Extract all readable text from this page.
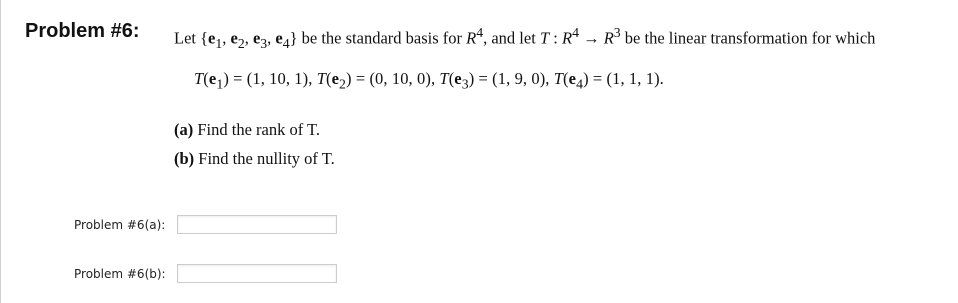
Problem #6: Let {$e_1$, $e_2$, $e_3$, $e_4$} be the standard basis for $R^4$, and let T : $R^4 \to R^3$ be the linear transformation for which
$T(e_1) = (1$, 10, 1), $T(e_2) = (0$, 10, 0), $T(e_3) = (1$, 9, 0), $T(e_4) = (1$, 1, 1).
(a) Find the rank of T.
(b) Find the nullity of T.
Problem #6(a):
Problem #6(b):
